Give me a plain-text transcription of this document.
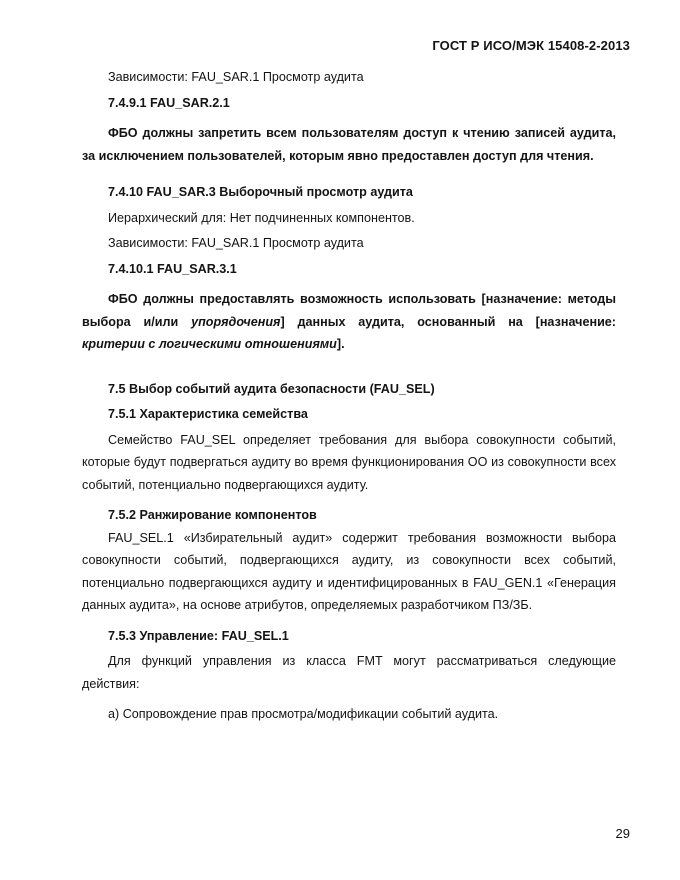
ГОСТ Р ИСО/МЭК 15408-2-2013

Зависимости: FAU_SAR.1 Просмотр аудита

7.4.9.1 FAU_SAR.2.1

ФБО должны запретить всем пользователям доступ к чтению записей аудита, за исключением пользователей, которым явно предоставлен доступ для чтения.

7.4.10 FAU_SAR.3 Выборочный просмотр аудита

Иерархический для: Нет подчиненных компонентов.

Зависимости: FAU_SAR.1 Просмотр аудита

7.4.10.1 FAU_SAR.3.1

ФБО должны предоставлять возможность использовать [назначение: методы выбора и/или упорядочения] данных аудита, основанный на [назначение: критерии с логическими отношениями].

7.5 Выбор событий аудита безопасности (FAU_SEL)

7.5.1 Характеристика семейства

Семейство FAU_SEL определяет требования для выбора совокупности событий, которые будут подвергаться аудиту во время функционирования ОО из совокупности всех событий, потенциально подвергающихся аудиту.

7.5.2 Ранжирование компонентов

FAU_SEL.1 «Избирательный аудит» содержит требования возможности выбора совокупности событий, подвергающихся аудиту, из совокупности всех событий, потенциально подвергающихся аудиту и идентифицированных в FAU_GEN.1 «Генерация данных аудита», на основе атрибутов, определяемых разработчиком ПЗ/ЗБ.

7.5.3 Управление: FAU_SEL.1

Для функций управления из класса FMT могут рассматриваться следующие действия:

a) Сопровождение прав просмотра/модификации событий аудита.

29
